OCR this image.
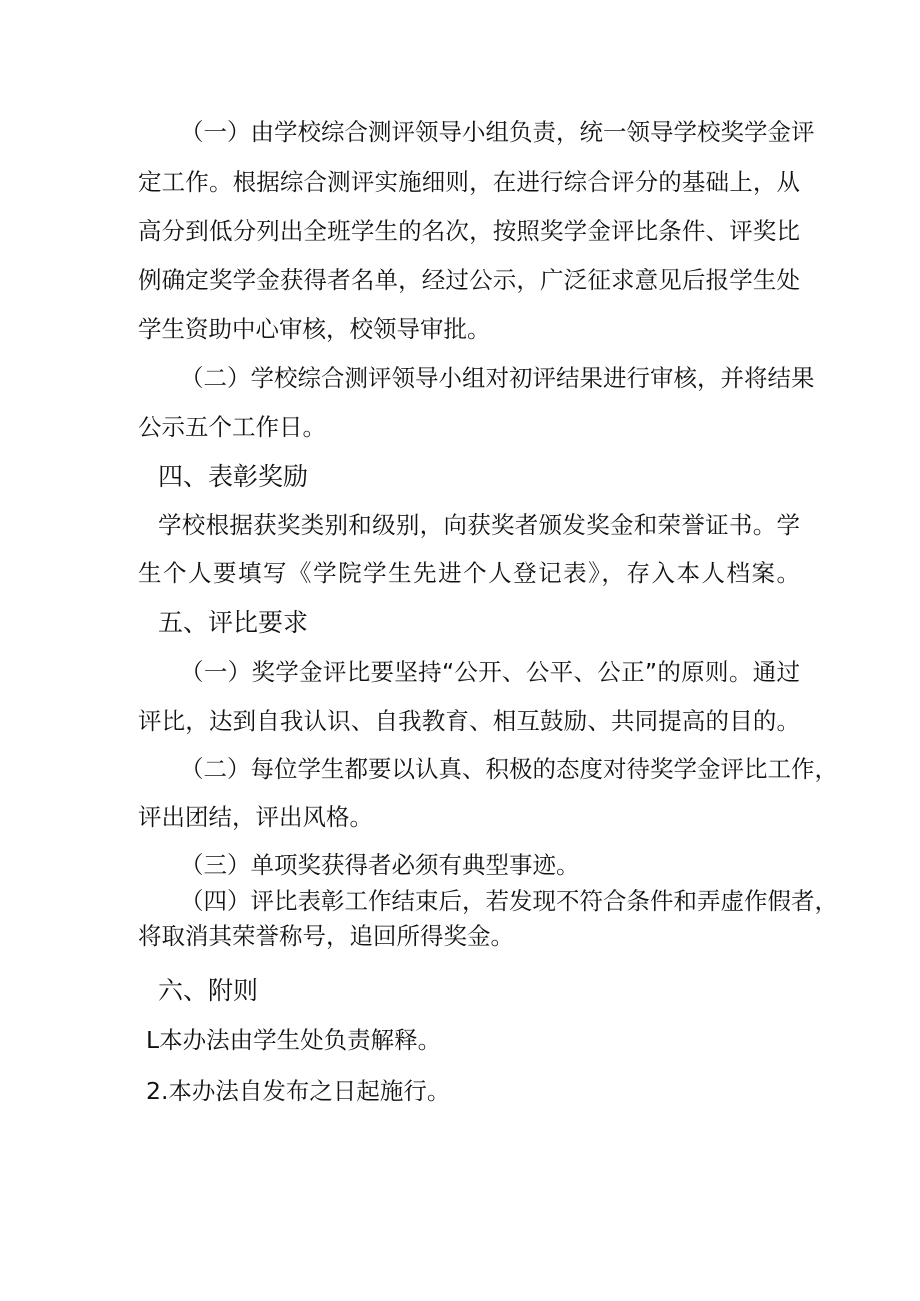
（一）由学校综合测评领导小组负责，统一领导学校奖学金评
定工作。根据综合测评实施细则，在进行综合评分的基础上，从
高分到低分列出全班学生的名次，按照奖学金评比条件、评奖比
例确定奖学金获得者名单，经过公示，广泛征求意见后报学生处
学生资助中心审核，校领导审批。
（二）学校综合测评领导小组对初评结果进行审核，并将结果
公示五个工作日。
四、表彰奖励
学校根据获奖类别和级别，向获奖者颁发奖金和荣誉证书。学
生个人要填写《学院学生先进个人登记表》，存入本人档案。
五、评比要求
（一）奖学金评比要坚持“公开、公平、公正”的原则。通过
评比，达到自我认识、自我教育、相互鼓励、共同提高的目的。
（二）每位学生都要以认真、积极的态度对待奖学金评比工作，
评出团结，评出风格。
（三）单项奖获得者必须有典型事迹。
（四）评比表彰工作结束后，若发现不符合条件和弄虚作假者，
将取消其荣誉称号，追回所得奖金。
六、附则
L本办法由学生处负责解释。
2.本办法自发布之日起施行。
